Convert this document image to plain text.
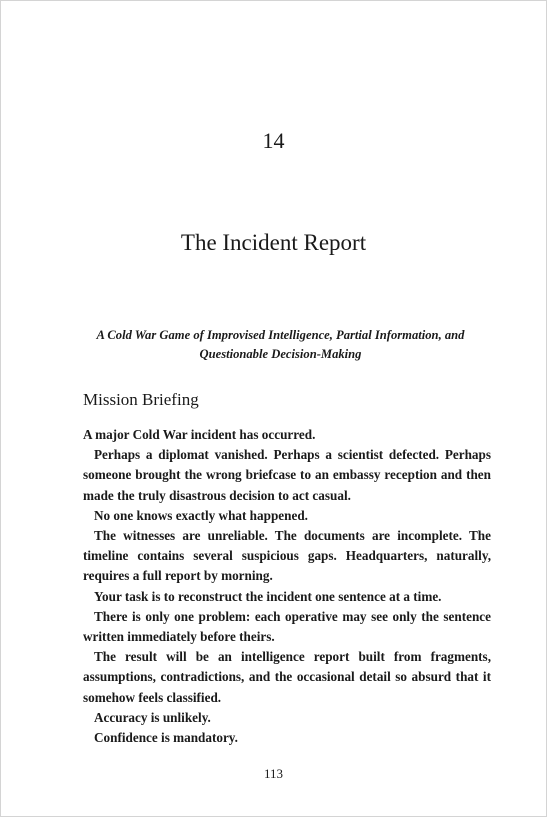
14
The Incident Report
A Cold War Game of Improvised Intelligence, Partial Information, and
Questionable Decision-Making
Mission Briefing

A major Cold War incident has occurred.

Perhaps a diplomat vanished. Perhaps a scientist defected. Perhaps someone brought the wrong briefcase to an embassy reception and then made the truly disastrous decision to act casual.

No one knows exactly what happened.

The witnesses are unreliable. The documents are incomplete. The timeline contains several suspicious gaps. Headquarters, naturally, requires a full report by morning.

Your task is to reconstruct the incident one sentence at a time.

There is only one problem: each operative may see only the sentence written immediately before theirs.

The result will be an intelligence report built from fragments, assumptions, contradictions, and the occasional detail so absurd that it somehow feels classified.

Accuracy is unlikely.

Confidence is mandatory.

113
